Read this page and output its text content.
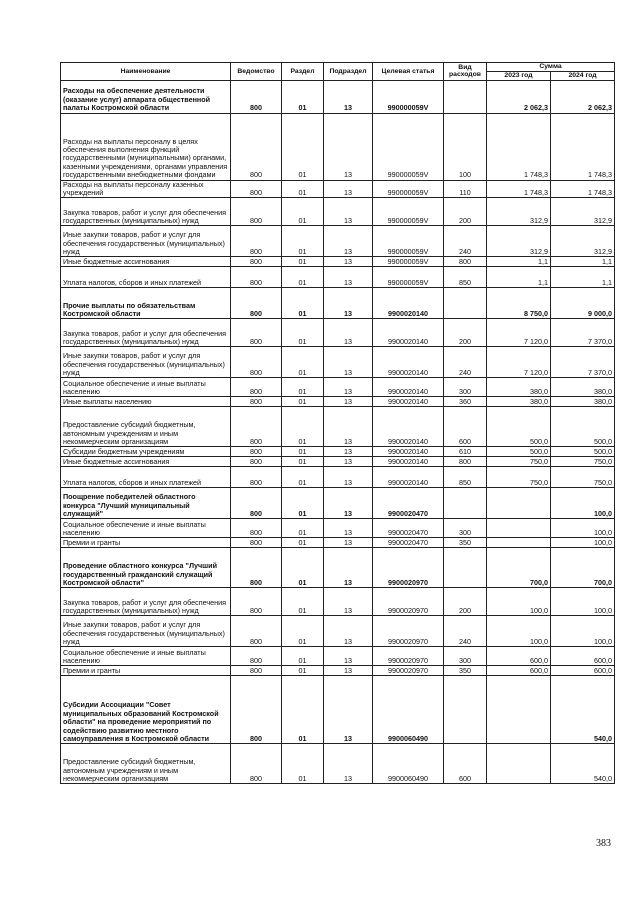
Наименование	Ведомство	Раздел	Подраздел	Целевая статья	Вид расходов	Сумма	
						2023 год	2024 год
Расходы на обеспечение деятельности (оказание услуг) аппарата общественной палаты Костромской области	800	01	13	990000059V		2 062,3	2 062,3
Расходы на выплаты персоналу в целях обеспечения выполнения функций государственными (муниципальными) органами, казенными учреждениями, органами управления государственными внебюджетными фондами	800	01	13	990000059V	100	1 748,3	1 748,3
Расходы на выплаты персоналу казенных учреждений	800	01	13	990000059V	110	1 748,3	1 748,3
Закупка товаров, работ и услуг для обеспечения государственных (муниципальных) нужд	800	01	13	990000059V	200	312,9	312,9
Иные закупки товаров, работ и услуг для обеспечения государственных (муниципальных) нужд	800	01	13	990000059V	240	312,9	312,9
Иные бюджетные ассигнования	800	01	13	990000059V	800	1,1	1,1
Уплата налогов, сборов и иных платежей	800	01	13	990000059V	850	1,1	1,1
Прочие выплаты по обязательствам Костромской области	800	01	13	9900020140		8 750,0	9 000,0
Закупка товаров, работ и услуг для обеспечения государственных (муниципальных) нужд	800	01	13	9900020140	200	7 120,0	7 370,0
Иные закупки товаров, работ и услуг для обеспечения государственных (муниципальных) нужд	800	01	13	9900020140	240	7 120,0	7 370,0
Социальное обеспечение и иные выплаты населению	800	01	13	9900020140	300	380,0	380,0
Иные выплаты населению	800	01	13	9900020140	360	380,0	380,0
Предоставление субсидий бюджетным, автономным учреждениям и иным некоммерческим организациям	800	01	13	9900020140	600	500,0	500,0
Субсидии бюджетным учреждениям	800	01	13	9900020140	610	500,0	500,0
Иные бюджетные ассигнования	800	01	13	9900020140	800	750,0	750,0
Уплата налогов, сборов и иных платежей	800	01	13	9900020140	850	750,0	750,0
Поощрение победителей областного конкурса "Лучший муниципальный служащий"	800	01	13	9900020470			100,0
Социальное обеспечение и иные выплаты населению	800	01	13	9900020470	300		100,0
Премии и гранты	800	01	13	9900020470	350		100,0
Проведение областного конкурса "Лучший государственный гражданский служащий Костромской области"	800	01	13	9900020970		700,0	700,0
Закупка товаров, работ и услуг для обеспечения государственных (муниципальных) нужд	800	01	13	9900020970	200	100,0	100,0
Иные закупки товаров, работ и услуг для обеспечения государственных (муниципальных) нужд	800	01	13	9900020970	240	100,0	100,0
Социальное обеспечение и иные выплаты населению	800	01	13	9900020970	300	600,0	600,0
Премии и гранты	800	01	13	9900020970	350	600,0	600,0
Субсидии Ассоциации "Совет муниципальных образований Костромской области" на проведение мероприятий по содействию развитию местного самоуправления в Костромской области	800	01	13	9900060490			540,0
Предоставление субсидий бюджетным, автономным учреждениям и иным некоммерческим организациям	800	01	13	9900060490	600		540,0
383
